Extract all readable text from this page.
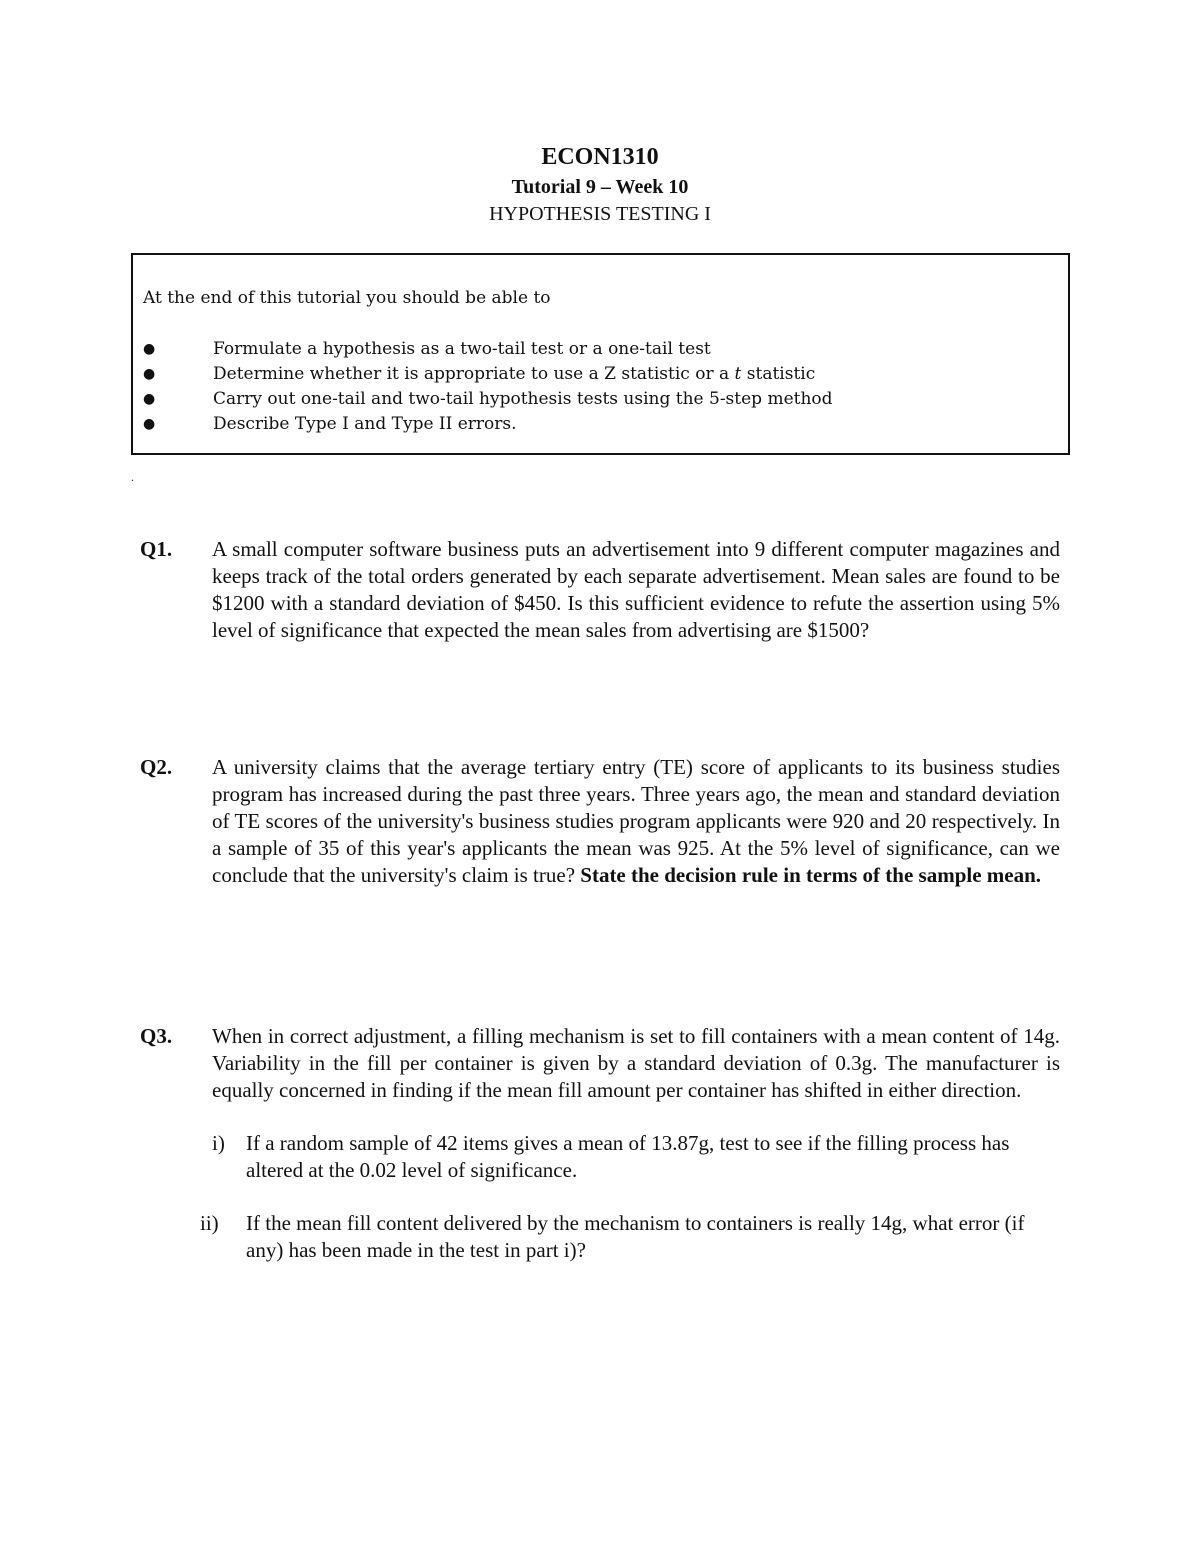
ECON1310
Tutorial 9 – Week 10
HYPOTHESIS TESTING I
At the end of this tutorial you should be able to
●	Formulate a hypothesis as a two-tail test or a one-tail test
●	Determine whether it is appropriate to use a Z statistic or a t statistic
●	Carry out one-tail and two-tail hypothesis tests using the 5-step method
●	Describe Type I and Type II errors.
.
Q1. A small computer software business puts an advertisement into 9 different computer magazines and keeps track of the total orders generated by each separate advertisement. Mean sales are found to be $1200 with a standard deviation of $450. Is this sufficient evidence to refute the assertion using 5% level of significance that expected the mean sales from advertising are $1500?
Q2. A university claims that the average tertiary entry (TE) score of applicants to its business studies program has increased during the past three years. Three years ago, the mean and standard deviation of TE scores of the university's business studies program applicants were 920 and 20 respectively. In a sample of 35 of this year's applicants the mean was 925. At the 5% level of significance, can we conclude that the university's claim is true? State the decision rule in terms of the sample mean.
Q3. When in correct adjustment, a filling mechanism is set to fill containers with a mean content of 14g. Variability in the fill per container is given by a standard deviation of 0.3g. The manufacturer is equally concerned in finding if the mean fill amount per container has shifted in either direction.
i) If a random sample of 42 items gives a mean of 13.87g, test to see if the filling process has altered at the 0.02 level of significance.
ii) If the mean fill content delivered by the mechanism to containers is really 14g, what error (if any) has been made in the test in part i)?
